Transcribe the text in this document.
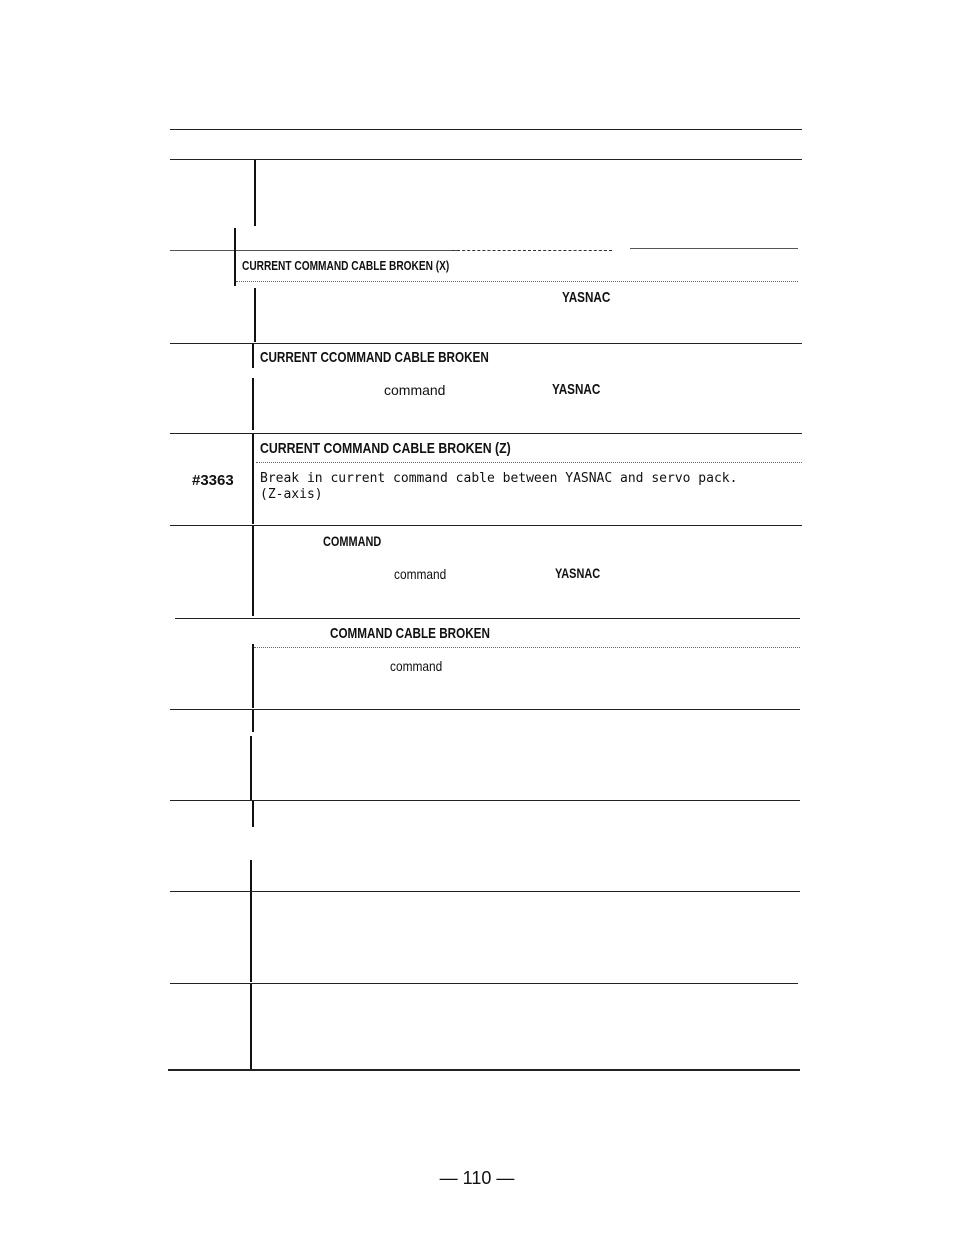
CURRENT COMMAND CABLE BROKEN (X)
YASNAC
CURRENT CCOMMAND CABLE BROKEN
command	YASNAC
CURRENT COMMAND CABLE BROKEN (Z)
#3363 Break in current command cable between YASNAC and servo pack.
(Z-axis)
COMMAND
command	YASNAC
COMMAND CABLE BROKEN
command
— 110 —
